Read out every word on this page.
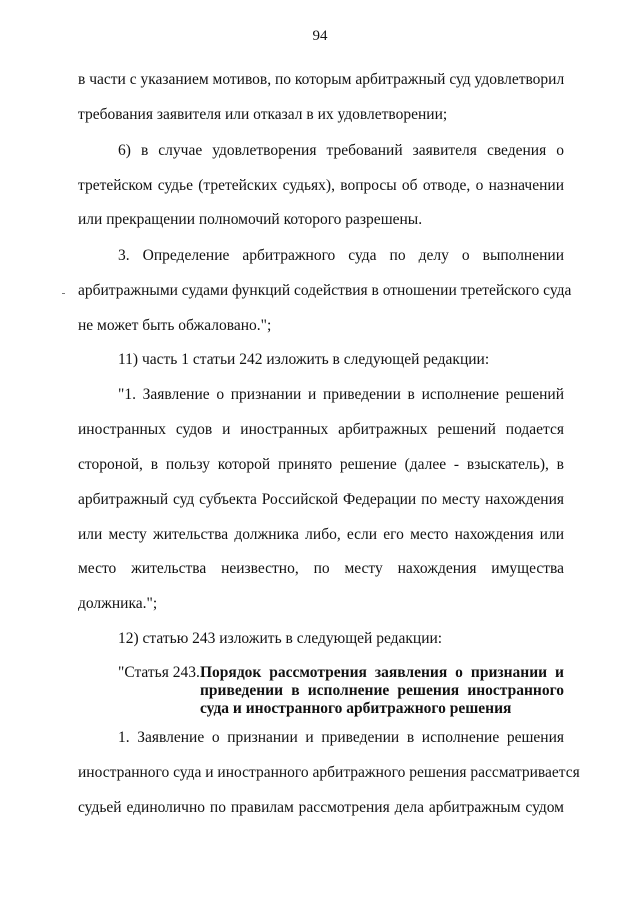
94
в части с указанием мотивов, по которым арбитражный суд удовлетворил
требования заявителя или отказал в их удовлетворении;
6) в случае удовлетворения требований заявителя сведения о
третейском судье (третейских судьях), вопросы об отводе, о назначении
или прекращении полномочий которого разрешены.
3. Определение арбитражного суда по делу о выполнении
арбитражными судами функций содействия в отношении третейского суда
не может быть обжаловано.";
11) часть 1 статьи 242 изложить в следующей редакции:
"1. Заявление о признании и приведении в исполнение решений
иностранных судов и иностранных арбитражных решений подается
стороной, в пользу которой принято решение (далее - взыскатель), в
арбитражный суд субъекта Российской Федерации по месту нахождения
или месту жительства должника либо, если его место нахождения или
место жительства неизвестно, по месту нахождения имущества
должника.";
12) статью 243 изложить в следующей редакции:
"Статья 243. Порядок рассмотрения заявления о признании и
приведении в исполнение решения иностранного
суда и иностранного арбитражного решения
1. Заявление о признании и приведении в исполнение решения
иностранного суда и иностранного арбитражного решения рассматривается
судьей единолично по правилам рассмотрения дела арбитражным судом
